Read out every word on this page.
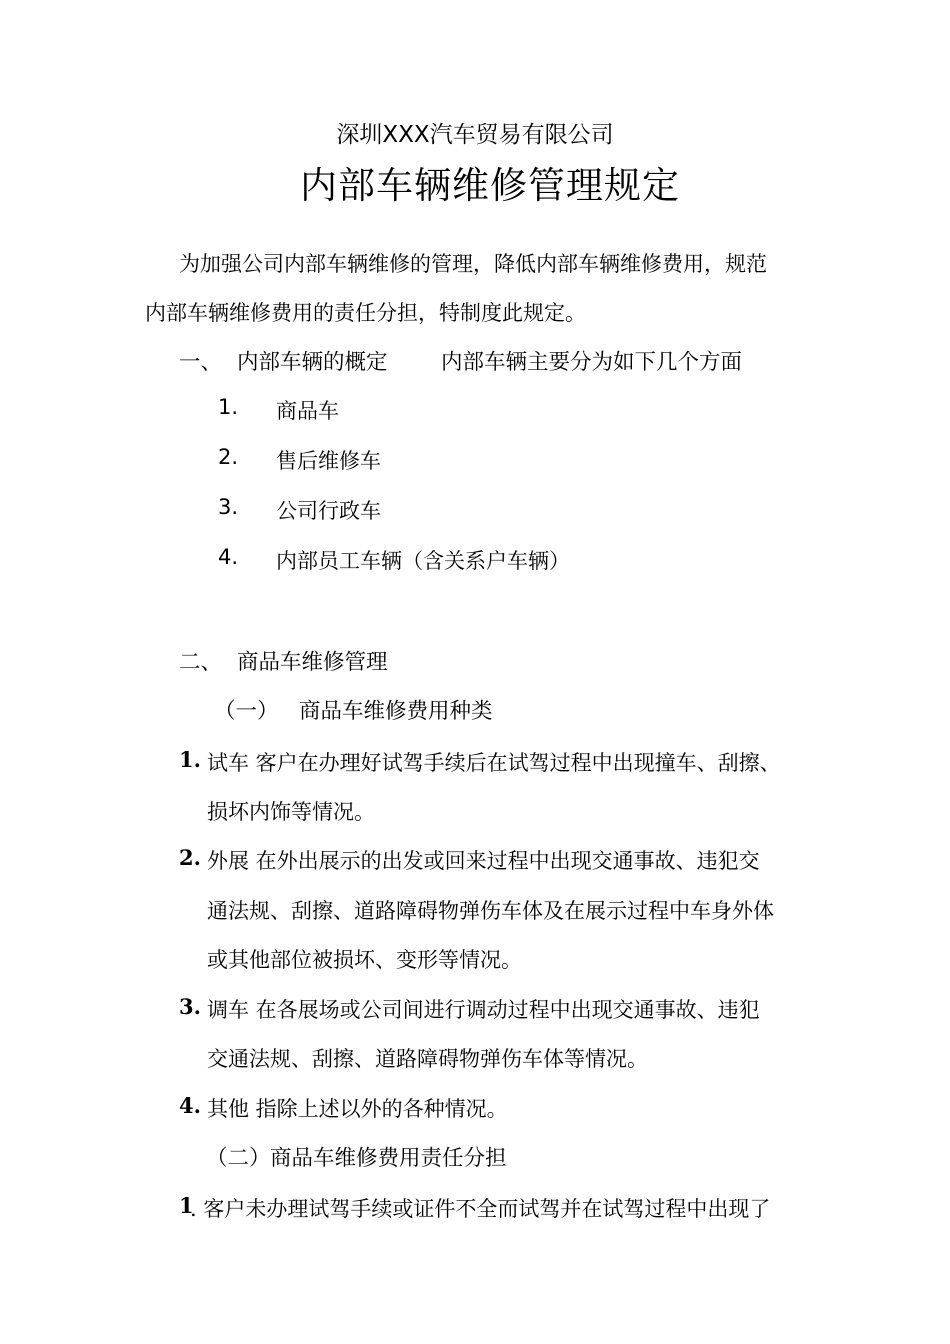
深圳XXX汽车贸易有限公司
内部车辆维修管理规定
为加强公司内部车辆维修的管理，降低内部车辆维修费用，规范
内部车辆维修费用的责任分担，特制度此规定。
一、 内部车辆的概定 内部车辆主要分为如下几个方面
1. 商品车
2. 售后维修车
3. 公司行政车
4. 内部员工车辆（含关系户车辆）
二、 商品车维修管理
（一） 商品车维修费用种类
1. 试车 客户在办理好试驾手续后在试驾过程中出现撞车、刮擦、
损坏内饰等情况。
2. 外展 在外出展示的出发或回来过程中出现交通事故、违犯交
通法规、刮擦、道路障碍物弹伤车体及在展示过程中车身外体
或其他部位被损坏、变形等情况。
3. 调车 在各展场或公司间进行调动过程中出现交通事故、违犯
交通法规、刮擦、道路障碍物弹伤车体等情况。
4. 其他 指除上述以外的各种情况。
（二） 商品车维修费用责任分担
1
. 客户未办理试驾手续或证件不全而试驾并在试驾过程中出现了
